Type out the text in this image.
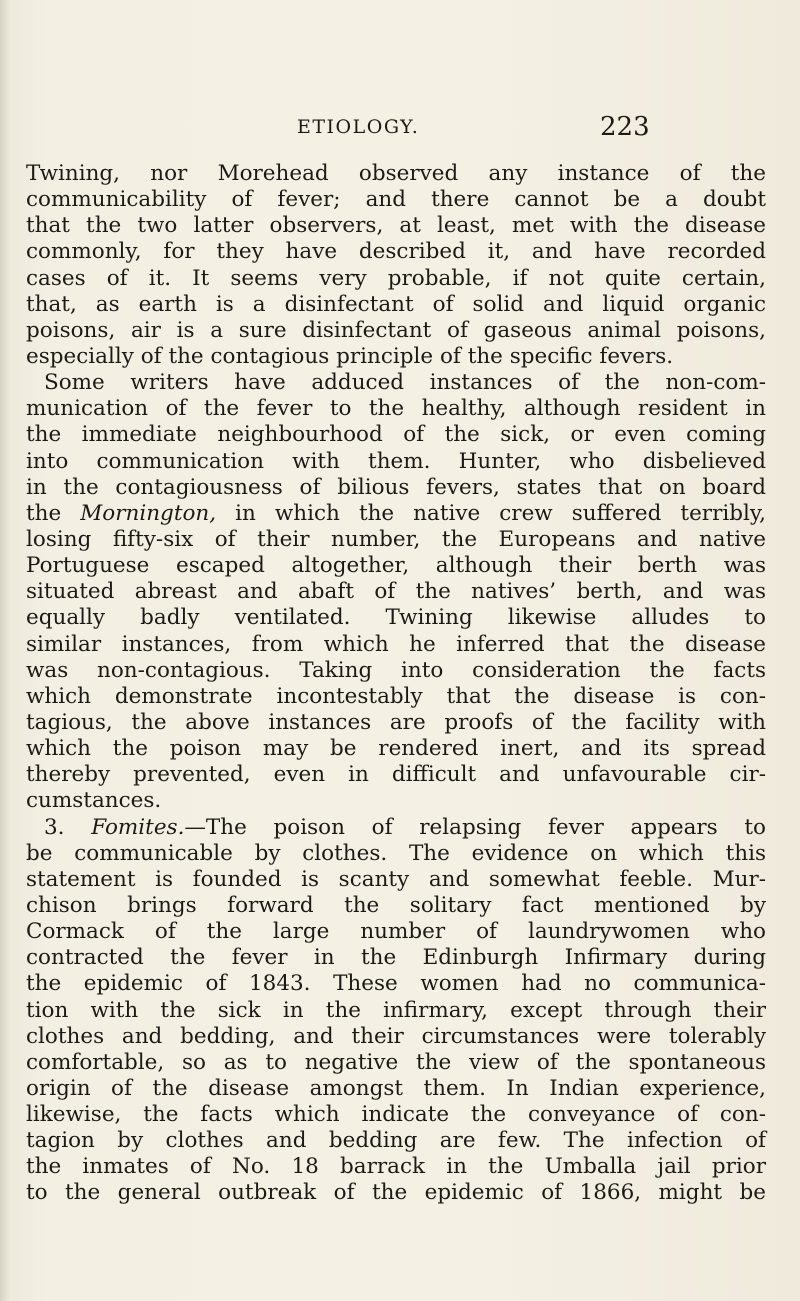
ETIOLOGY.	223
Twining, nor Morehead observed any instance of the
communicability of fever; and there cannot be a doubt
that the two latter observers, at least, met with the disease
commonly, for they have described it, and have recorded
cases of it. It seems very probable, if not quite certain,
that, as earth is a disinfectant of solid and liquid organic
poisons, air is a sure disinfectant of gaseous animal poisons,
especially of the contagious principle of the specific fevers.
Some writers have adduced instances of the non-com-
munication of the fever to the healthy, although resident in
the immediate neighbourhood of the sick, or even coming
into communication with them. Hunter, who disbelieved
in the contagiousness of bilious fevers, states that on board
the Mornington, in which the native crew suffered terribly,
losing fifty-six of their number, the Europeans and native
Portuguese escaped altogether, although their berth was
situated abreast and abaft of the natives’ berth, and was
equally badly ventilated. Twining likewise alludes to
similar instances, from which he inferred that the disease
was non-contagious. Taking into consideration the facts
which demonstrate incontestably that the disease is con-
tagious, the above instances are proofs of the facility with
which the poison may be rendered inert, and its spread
thereby prevented, even in difficult and unfavourable cir-
cumstances.
3. Fomites.—The poison of relapsing fever appears to
be communicable by clothes. The evidence on which this
statement is founded is scanty and somewhat feeble. Mur-
chison brings forward the solitary fact mentioned by
Cormack of the large number of laundrywomen who
contracted the fever in the Edinburgh Infirmary during
the epidemic of 1843. These women had no communica-
tion with the sick in the infirmary, except through their
clothes and bedding, and their circumstances were tolerably
comfortable, so as to negative the view of the spontaneous
origin of the disease amongst them. In Indian experience,
likewise, the facts which indicate the conveyance of con-
tagion by clothes and bedding are few. The infection of
the inmates of No. 18 barrack in the Umballa jail prior
to the general outbreak of the epidemic of 1866, might be
